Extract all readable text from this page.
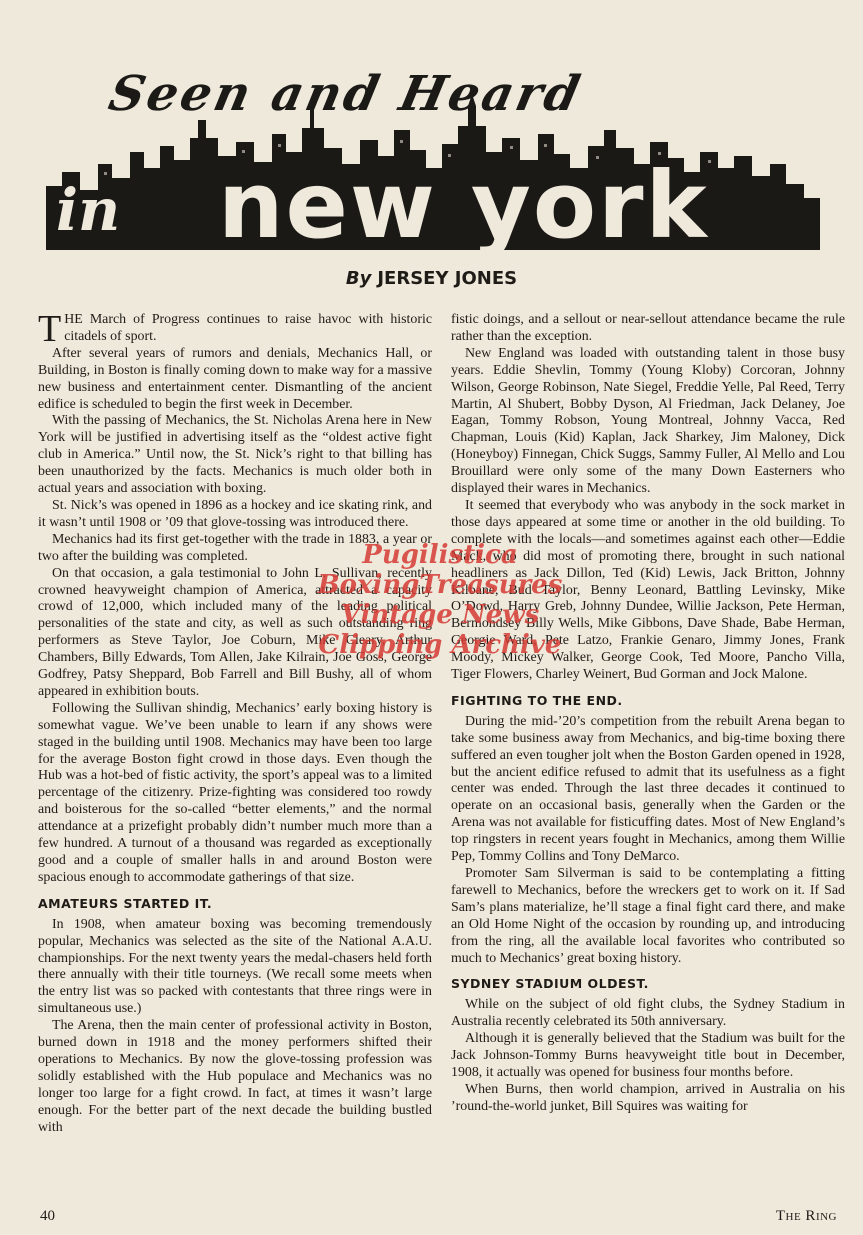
Seen and Heard
in new york •	By JERSEY JONES

THE March of Progress continues to raise havoc with historic citadels of sport.

After several years of rumors and denials, Mechanics Hall, or Building, in Boston is finally coming down to make way for a massive new business and entertainment center. Dismantling of the ancient edifice is scheduled to begin the first week in December.

With the passing of Mechanics, the St. Nicholas Arena here in New York will be justified in advertising itself as the “oldest active fight club in America.” Until now, the St. Nick’s right to that billing has been unauthorized by the facts. Mechanics is much older both in actual years and association with boxing.

St. Nick’s was opened in 1896 as a hockey and ice skating rink, and it wasn’t until 1908 or ’09 that glove-tossing was introduced there.

Mechanics had its first get-together with the trade in 1883, a year or two after the building was completed.

On that occasion, a gala testimonial to John L. Sullivan, recently crowned heavyweight champion of America, attracted a capacity crowd of 12,000, which included many of the leading political personalities of the state and city, as well as such outstanding ring performers as Steve Taylor, Joe Coburn, Mike Cleary, Arthur Chambers, Billy Edwards, Tom Allen, Jake Kilrain, Joe Goss, George Godfrey, Patsy Sheppard, Bob Farrell and Bill Bushy, all of whom appeared in exhibition bouts.

Following the Sullivan shindig, Mechanics’ early boxing history is somewhat vague. We’ve been unable to learn if any shows were staged in the building until 1908. Mechanics may have been too large for the average Boston fight crowd in those days. Even though the Hub was a hot-bed of fistic activity, the sport’s appeal was to a limited percentage of the citizenry. Prize-fighting was considered too rowdy and boisterous for the so-called “better elements,” and the normal attendance at a prizefight probably didn’t number much more than a few hundred. A turnout of a thousand was regarded as exceptionally good and a couple of smaller halls in and around Boston were spacious enough to accommodate gatherings of that size.

AMATEURS STARTED IT.

In 1908, when amateur boxing was becoming tremendously popular, Mechanics was selected as the site of the National A.A.U. championships. For the next twenty years the medal-chasers held forth there annually with their title tourneys. (We recall some meets when the entry list was so packed with contestants that three rings were in simultaneous use.)

The Arena, then the main center of professional activity in Boston, burned down in 1918 and the money performers shifted their operations to Mechanics. By now the glove-tossing profession was solidly established with the Hub populace and Mechanics was no longer too large for a fight crowd. In fact, at times it wasn’t large enough. For the better part of the next decade the building bustled with

fistic doings, and a sellout or near-sellout attendance became the rule rather than the exception.

New England was loaded with outstanding talent in those busy years. Eddie Shevlin, Tommy (Young Kloby) Corcoran, Johnny Wilson, George Robinson, Nate Siegel, Freddie Yelle, Pal Reed, Terry Martin, Al Shubert, Bobby Dyson, Al Friedman, Jack Delaney, Joe Eagan, Tommy Robson, Young Montreal, Johnny Vacca, Red Chapman, Louis (Kid) Kaplan, Jack Sharkey, Jim Maloney, Dick (Honeyboy) Finnegan, Chick Suggs, Sammy Fuller, Al Mello and Lou Brouillard were only some of the many Down Easterners who displayed their wares in Mechanics.

It seemed that everybody who was anybody in the sock market in those days appeared at some time or another in the old building. To complete with the locals—and sometimes against each other—Eddie Mack, who did most of promoting there, brought in such national headliners as Jack Dillon, Ted (Kid) Lewis, Jack Britton, Johnny Kilbane, Bud Taylor, Benny Leonard, Battling Levinsky, Mike O’Dowd, Harry Greb, Johnny Dundee, Willie Jackson, Pete Herman, Bermondsey Billy Wells, Mike Gibbons, Dave Shade, Babe Herman, Georgie Ward, Pete Latzo, Frankie Genaro, Jimmy Jones, Frank Moody, Mickey Walker, George Cook, Ted Moore, Pancho Villa, Tiger Flowers, Charley Weinert, Bud Gorman and Jock Malone.

FIGHTING TO THE END.

During the mid-’20’s competition from the rebuilt Arena began to take some business away from Mechanics, and big-time boxing there suffered an even tougher jolt when the Boston Garden opened in 1928, but the ancient edifice refused to admit that its usefulness as a fight center was ended. Through the last three decades it continued to operate on an occasional basis, generally when the Garden or the Arena was not available for fisticuffing dates. Most of New England’s top ringsters in recent years fought in Mechanics, among them Willie Pep, Tommy Collins and Tony DeMarco.

Promoter Sam Silverman is said to be contemplating a fitting farewell to Mechanics, before the wreckers get to work on it. If Sad Sam’s plans materialize, he’ll stage a final fight card there, and make an Old Home Night of the occasion by rounding up, and introducing from the ring, all the available local favorites who contributed so much to Mechanics’ great boxing history.

SYDNEY STADIUM OLDEST.

While on the subject of old fight clubs, the Sydney Stadium in Australia recently celebrated its 50th anniversary.

Although it is generally believed that the Stadium was built for the Jack Johnson-Tommy Burns heavyweight title bout in December, 1908, it actually was opened for business four months before.

When Burns, then world champion, arrived in Australia on his ’round-the-world junket, Bill Squires was waiting for

Pugilistica
BoxingTreasures
Vintage News
Clipping Archive
40	The Ring
